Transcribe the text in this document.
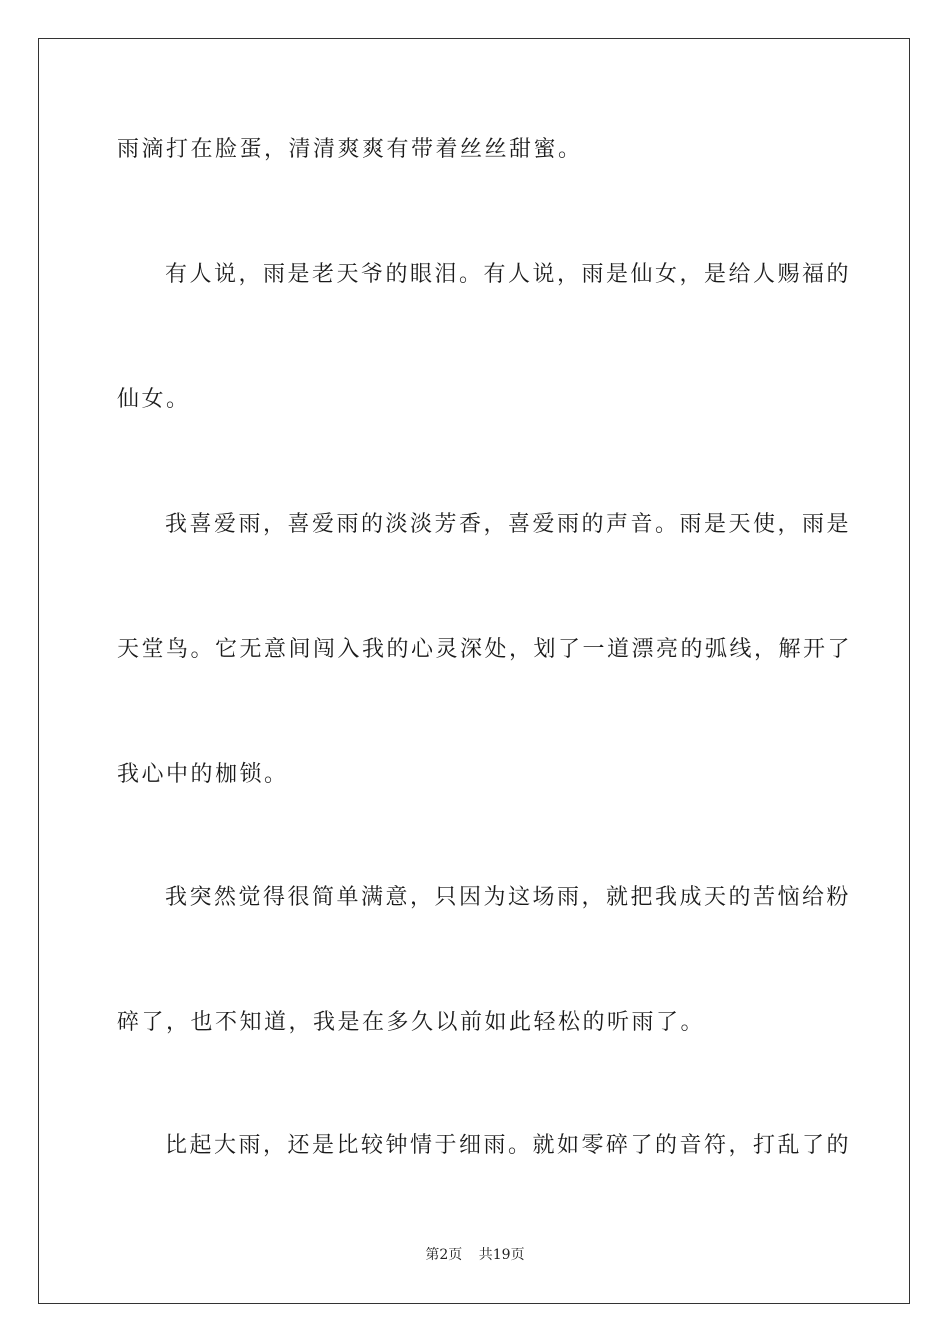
雨滴打在脸蛋，清清爽爽有带着丝丝甜蜜。
有人说，雨是老天爷的眼泪。有人说，雨是仙女，是给人赐福的
仙女。
我喜爱雨，喜爱雨的淡淡芳香，喜爱雨的声音。雨是天使，雨是
天堂鸟。它无意间闯入我的心灵深处，划了一道漂亮的弧线，解开了
我心中的枷锁。
我突然觉得很简单满意，只因为这场雨，就把我成天的苦恼给粉
碎了，也不知道，我是在多久以前如此轻松的听雨了。
比起大雨，还是比较钟情于细雨。就如零碎了的音符，打乱了的
第2页 共19页
